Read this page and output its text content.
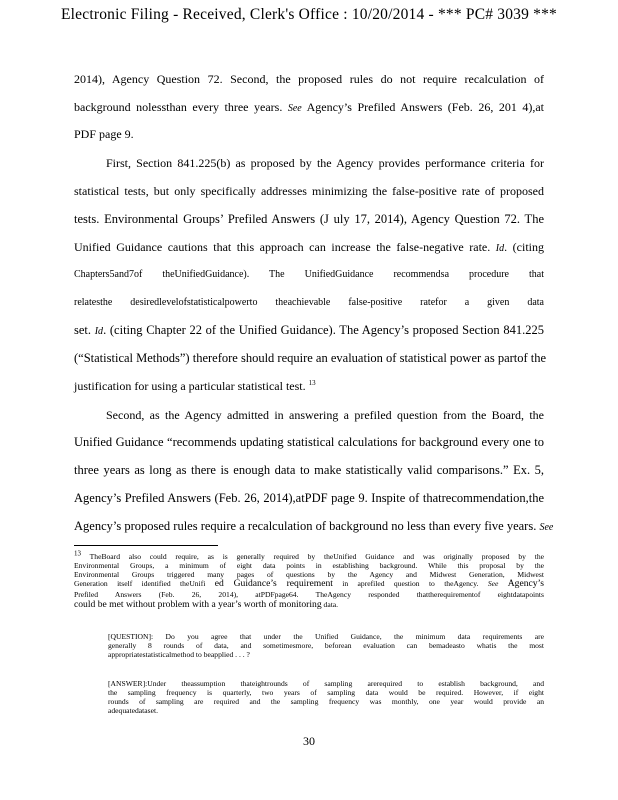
Electronic Filing - Received, Clerk's Office : 10/20/2014 - *** PC# 3039 ***
2014), Agency Question 72. Second, the proposed rules do not require recalculation of
background nolessthan every three years. See Agency’s Prefiled Answers (Feb. 26, 201 4),at
PDF page 9.
First, Section 841.225(b) as proposed by the Agency provides performance criteria for
statistical tests, but only specifically addresses minimizing the false-positive rate of proposed
tests. Environmental Groups’ Prefiled Answers (J uly 17, 2014), Agency Question 72. The
Unified Guidance cautions that this approach can increase the false-negative rate. Id. (citing
Chapters5and7of theUnifiedGuidance). The UnifiedGuidance recommendsa procedure that
relatesthe desiredlevelofstatisticalpowerto theachievable false-positive ratefor a given data
set. Id. (citing Chapter 22 of the Unified Guidance). The Agency’s proposed Section 841.225
(“Statistical Methods”) therefore should require an evaluation of statistical power as partof the
justification for using a particular statistical test. $^{13}$
Second, as the Agency admitted in answering a prefiled question from the Board, the
Unified Guidance “recommends updating statistical calculations for background every one to
three years as long as there is enough data to make statistically valid comparisons.” Ex. 5,
Agency’s Prefiled Answers (Feb. 26, 2014),atPDF page 9. Inspite of thatrecommendation,the
Agency’s proposed rules require a recalculation of background no less than every five years. See
13 TheBoard also could require, as is generally required by theUnified Guidance and was originally proposed by the
Environmental Groups, a minimum of eight data points in establishing background. While this proposal by the
Environmental Groups triggered many pages of questions by the Agency and Midwest Generation, Midwest
Generation itself identified theUnifi ed Guidance’s requirement in aprefiled question to theAgency. See Agency’s
Prefiled Answers (Feb. 26, 2014), atPDFpage64. TheAgency responded thattherequirementof eightdatapoints
could be met without problem with a year’s worth of monitoring data.
[QUESTION]: Do you agree that under the Unified Guidance, the minimum data requirements are
generally 8 rounds of data, and sometimesmore, beforean evaluation can bemadeasto whatis the most
appropriatestatisticalmethod to beapplied . . . ?
[ANSWER]:Under theassumption thateightrounds of sampling arerequired to establish background, and
the sampling frequency is quarterly, two years of sampling data would be required. However, if eight
rounds of sampling are required and the sampling frequency was monthly, one year would provide an
adequatedataset.
30
